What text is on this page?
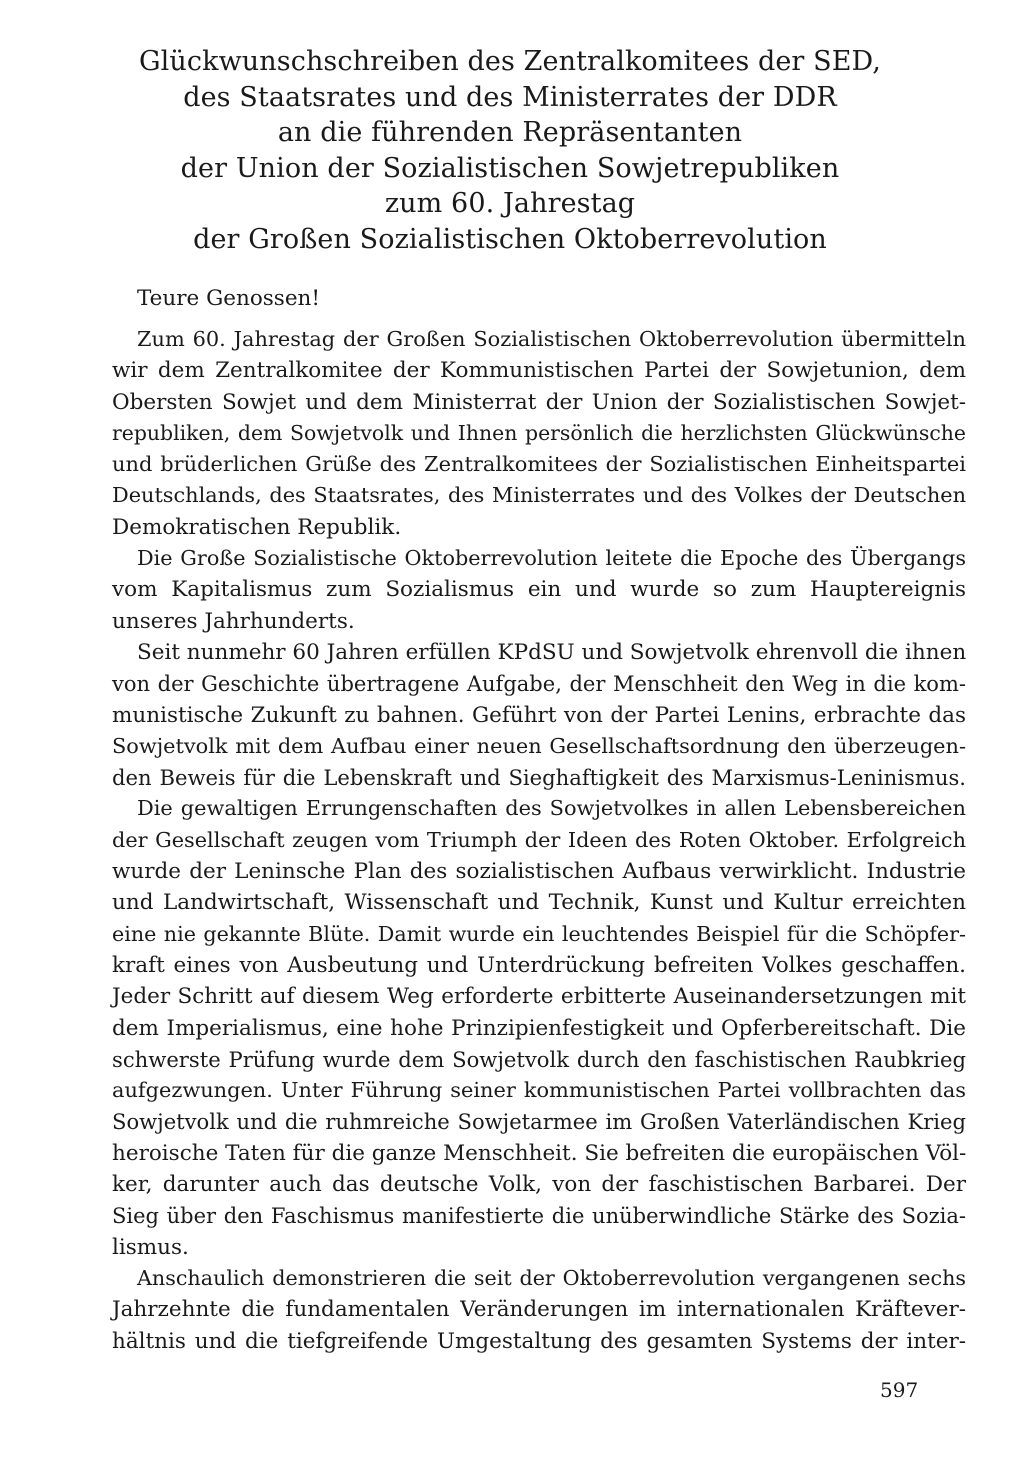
Glückwunschschreiben des Zentralkomitees der SED,
des Staatsrates und des Ministerrates der DDR
an die führenden Repräsentanten
der Union der Sozialistischen Sowjetrepubliken
zum 60. Jahrestag
der Großen Sozialistischen Oktoberrevolution
Teure Genossen!
Zum 60. Jahrestag der Großen Sozialistischen Oktoberrevolution übermitteln
wir dem Zentralkomitee der Kommunistischen Partei der Sowjetunion, dem
Obersten Sowjet und dem Ministerrat der Union der Sozialistischen Sowjet-
republiken, dem Sowjetvolk und Ihnen persönlich die herzlichsten Glückwünsche
und brüderlichen Grüße des Zentralkomitees der Sozialistischen Einheitspartei
Deutschlands, des Staatsrates, des Ministerrates und des Volkes der Deutschen
Demokratischen Republik.
Die Große Sozialistische Oktoberrevolution leitete die Epoche des Übergangs
vom Kapitalismus zum Sozialismus ein und wurde so zum Hauptereignis
unseres Jahrhunderts.
Seit nunmehr 60 Jahren erfüllen KPdSU und Sowjetvolk ehrenvoll die ihnen
von der Geschichte übertragene Aufgabe, der Menschheit den Weg in die kom-
munistische Zukunft zu bahnen. Geführt von der Partei Lenins, erbrachte das
Sowjetvolk mit dem Aufbau einer neuen Gesellschaftsordnung den überzeugen-
den Beweis für die Lebenskraft und Sieghaftigkeit des Marxismus-Leninismus.
Die gewaltigen Errungenschaften des Sowjetvolkes in allen Lebensbereichen
der Gesellschaft zeugen vom Triumph der Ideen des Roten Oktober. Erfolgreich
wurde der Leninsche Plan des sozialistischen Aufbaus verwirklicht. Industrie
und Landwirtschaft, Wissenschaft und Technik, Kunst und Kultur erreichten
eine nie gekannte Blüte. Damit wurde ein leuchtendes Beispiel für die Schöpfer-
kraft eines von Ausbeutung und Unterdrückung befreiten Volkes geschaffen.
Jeder Schritt auf diesem Weg erforderte erbitterte Auseinandersetzungen mit
dem Imperialismus, eine hohe Prinzipienfestigkeit und Opferbereitschaft. Die
schwerste Prüfung wurde dem Sowjetvolk durch den faschistischen Raubkrieg
aufgezwungen. Unter Führung seiner kommunistischen Partei vollbrachten das
Sowjetvolk und die ruhmreiche Sowjetarmee im Großen Vaterländischen Krieg
heroische Taten für die ganze Menschheit. Sie befreiten die europäischen Völ-
ker, darunter auch das deutsche Volk, von der faschistischen Barbarei. Der
Sieg über den Faschismus manifestierte die unüberwindliche Stärke des Sozia-
lismus.
Anschaulich demonstrieren die seit der Oktoberrevolution vergangenen sechs
Jahrzehnte die fundamentalen Veränderungen im internationalen Kräftever-
hältnis und die tiefgreifende Umgestaltung des gesamten Systems der inter-
597
